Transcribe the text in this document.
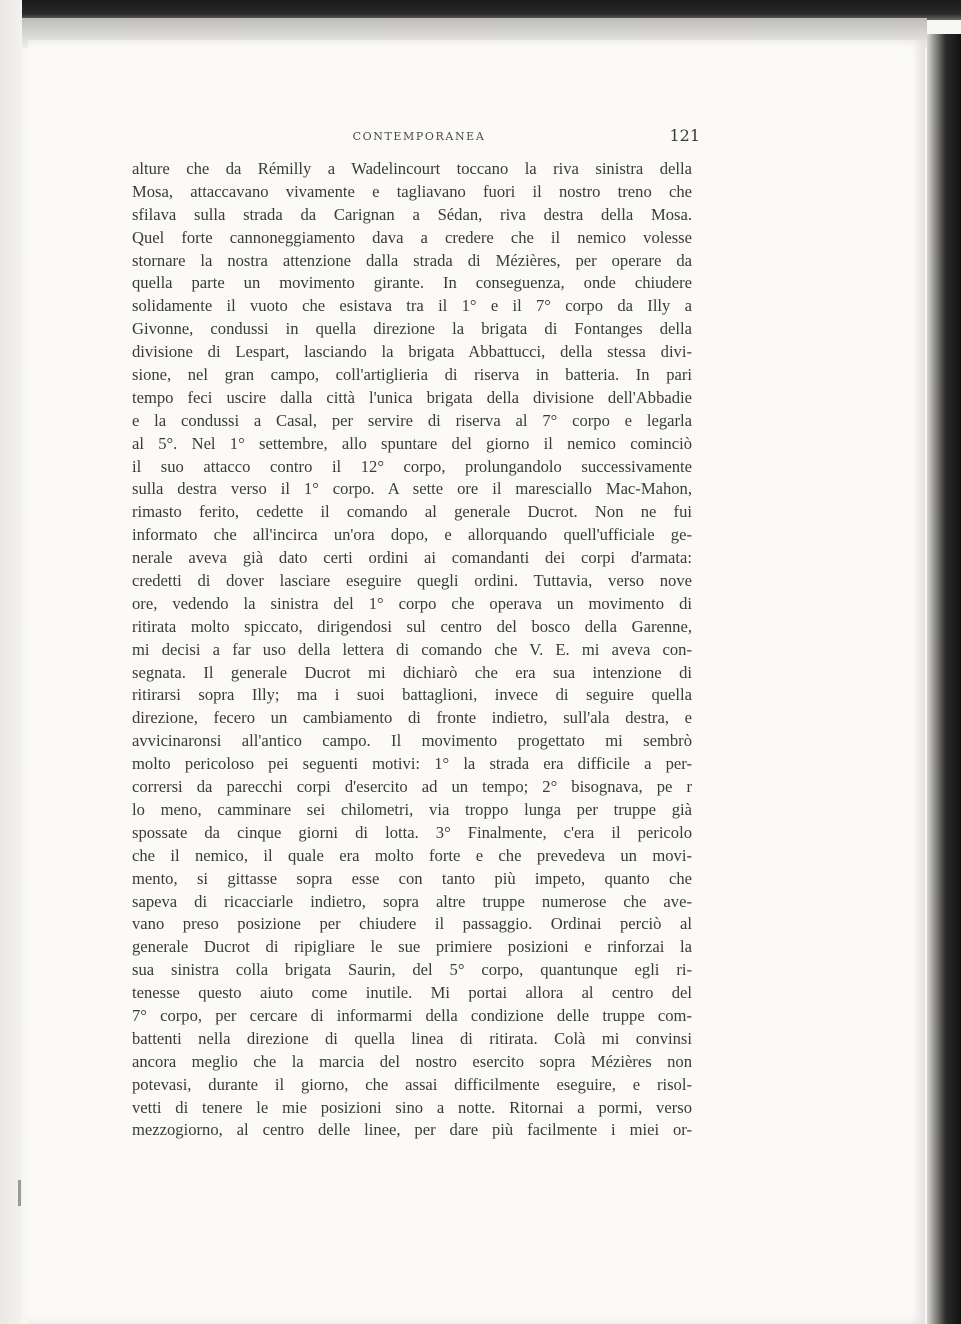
CONTEMPORANEA	121
alture che da Rémilly a Wadelincourt toccano la riva sinistra della
Mosa, attaccavano vivamente e tagliavano fuori il nostro treno che
sfilava sulla strada da Carignan a Sédan, riva destra della Mosa.
Quel forte cannoneggiamento dava a credere che il nemico volesse
stornare la nostra attenzione dalla strada di Mézières, per operare da
quella parte un movimento girante. In conseguenza, onde chiudere
solidamente il vuoto che esistava tra il 1° e il 7° corpo da Illy a
Givonne, condussi in quella direzione la brigata di Fontanges della
divisione di Lespart, lasciando la brigata Abbattucci, della stessa divi-
sione, nel gran campo, coll'artiglieria di riserva in batteria. In pari
tempo feci uscire dalla città l'unica brigata della divisione dell'Abbadie
e la condussi a Casal, per servire di riserva al 7° corpo e legarla
al 5°. Nel 1° settembre, allo spuntare del giorno il nemico cominciò
il suo attacco contro il 12° corpo, prolungandolo successivamente
sulla destra verso il 1° corpo. A sette ore il maresciallo Mac-Mahon,
rimasto ferito, cedette il comando al generale Ducrot. Non ne fui
informato che all'incirca un'ora dopo, e allorquando quell'ufficiale ge-
nerale aveva già dato certi ordini ai comandanti dei corpi d'armata:
credetti di dover lasciare eseguire quegli ordini. Tuttavia, verso nove
ore, vedendo la sinistra del 1° corpo che operava un movimento di
ritirata molto spiccato, dirigendosi sul centro del bosco della Garenne,
mi decisi a far uso della lettera di comando che V. E. mi aveva con-
segnata. Il generale Ducrot mi dichiarò che era sua intenzione di
ritirarsi sopra Illy; ma i suoi battaglioni, invece di seguire quella
direzione, fecero un cambiamento di fronte indietro, sull'ala destra, e
avvicinaronsi all'antico campo. Il movimento progettato mi sembrò
molto pericoloso pei seguenti motivi: 1° la strada era difficile a per-
corrersi da parecchi corpi d'esercito ad un tempo; 2° bisognava, pe r
lo meno, camminare sei chilometri, via troppo lunga per truppe già
spossate da cinque giorni di lotta. 3° Finalmente, c'era il pericolo
che il nemico, il quale era molto forte e che prevedeva un movi-
mento, si gittasse sopra esse con tanto più impeto, quanto che
sapeva di ricacciarle indietro, sopra altre truppe numerose che ave-
vano preso posizione per chiudere il passaggio. Ordinai perciò al
generale Ducrot di ripigliare le sue primiere posizioni e rinforzai la
sua sinistra colla brigata Saurin, del 5° corpo, quantunque egli ri-
tenesse questo aiuto come inutile. Mi portai allora al centro del
7° corpo, per cercare di informarmi della condizione delle truppe com-
battenti nella direzione di quella linea di ritirata. Colà mi convinsi
ancora meglio che la marcia del nostro esercito sopra Mézières non
potevasi, durante il giorno, che assai difficilmente eseguire, e risol-
vetti di tenere le mie posizioni sino a notte. Ritornai a pormi, verso
mezzogiorno, al centro delle linee, per dare più facilmente i miei or-
